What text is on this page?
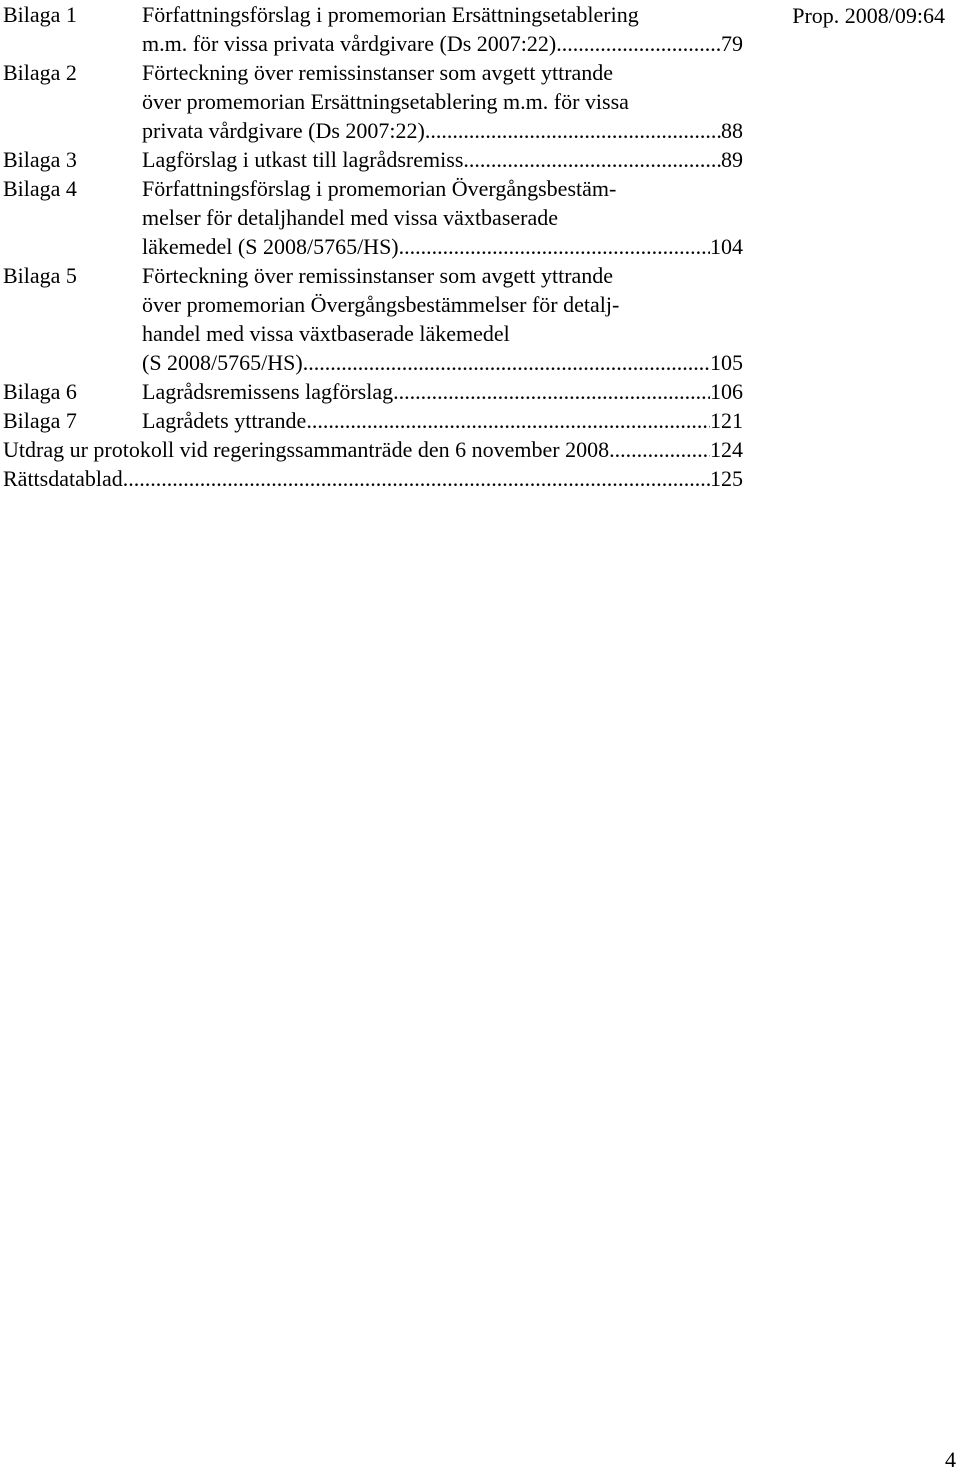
Prop. 2008/09:64
Bilaga 1	Författningsförslag i promemorian Ersättningsetablering
m.m. för vissa privata vårdgivare (Ds 2007:22) .....	79
Bilaga 2	Förteckning över remissinstanser som avgett yttrande
över promemorian Ersättningsetablering m.m. för vissa
privata vårdgivare (Ds 2007:22) .....	88
Bilaga 3	Lagförslag i utkast till lagrådsremiss .....	89
Bilaga 4	Författningsförslag i promemorian Övergångsbestäm-
melser för detaljhandel med vissa växtbaserade
läkemedel (S 2008/5765/HS) .....	104
Bilaga 5	Förteckning över remissinstanser som avgett yttrande
över promemorian Övergångsbestämmelser för detalj-
handel med vissa växtbaserade läkemedel
(S 2008/5765/HS) .....	105
Bilaga 6	Lagrådsremissens lagförslag .....	106
Bilaga 7	Lagrådets yttrande .....	121
Utdrag ur protokoll vid regeringssammanträde den 6 november 2008 .....	124
Rättsdatablad .....	125
4
